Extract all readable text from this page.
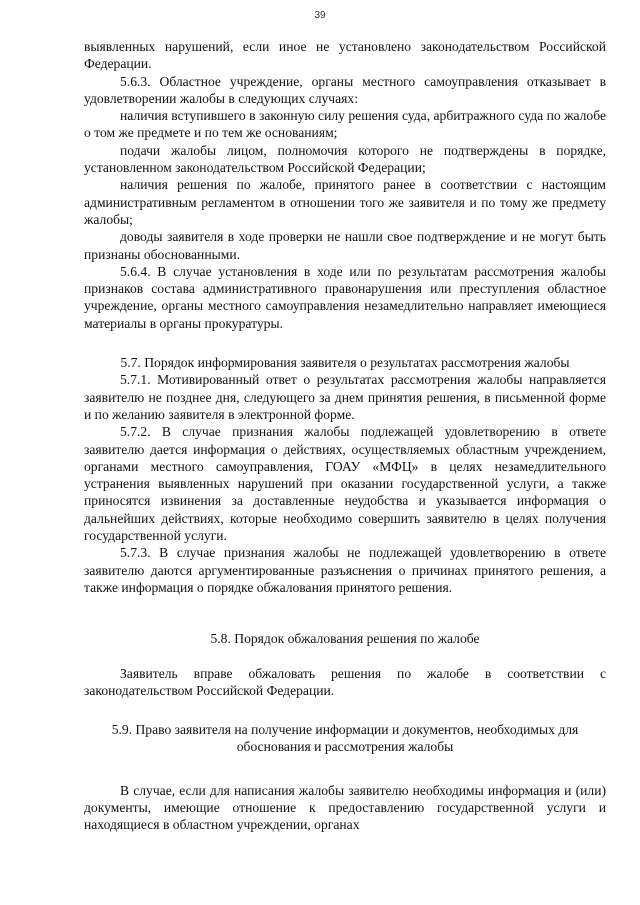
39

выявленных нарушений, если иное не установлено законодательством Российской Федерации.

5.6.3. Областное учреждение, органы местного самоуправления отказывает в удовлетворении жалобы в следующих случаях:

наличия вступившего в законную силу решения суда, арбитражного суда по жалобе о том же предмете и по тем же основаниям;

подачи жалобы лицом, полномочия которого не подтверждены в порядке, установленном законодательством Российской Федерации;

наличия решения по жалобе, принятого ранее в соответствии с настоящим административным регламентом в отношении того же заявителя и по тому же предмету жалобы;

доводы заявителя в ходе проверки не нашли свое подтверждение и не могут быть признаны обоснованными.

5.6.4. В случае установления в ходе или по результатам рассмотрения жалобы признаков состава административного правонарушения или преступления областное учреждение, органы местного самоуправления незамедлительно направляет имеющиеся материалы в органы прокуратуры.

5.7. Порядок информирования заявителя о результатах рассмотрения жалобы

5.7.1. Мотивированный ответ о результатах рассмотрения жалобы направляется заявителю не позднее дня, следующего за днем принятия решения, в письменной форме и по желанию заявителя в электронной форме.

5.7.2. В случае признания жалобы подлежащей удовлетворению в ответе заявителю дается информация о действиях, осуществляемых областным учреждением, органами местного самоуправления, ГОАУ «МФЦ» в целях незамедлительного устранения выявленных нарушений при оказании государственной услуги, а также приносятся извинения за доставленные неудобства и указывается информация о дальнейших действиях, которые необходимо совершить заявителю в целях получения государственной услуги.

5.7.3. В случае признания жалобы не подлежащей удовлетворению в ответе заявителю даются аргументированные разъяснения о причинах принятого решения, а также информация о порядке обжалования принятого решения.

5.8. Порядок обжалования решения по жалобе

Заявитель вправе обжаловать решения по жалобе в соответствии с законодательством Российской Федерации.

5.9. Право заявителя на получение информации и документов, необходимых для обоснования и рассмотрения жалобы

В случае, если для написания жалобы заявителю необходимы информация и (или) документы, имеющие отношение к предоставлению государственной услуги и находящиеся в областном учреждении, органах
